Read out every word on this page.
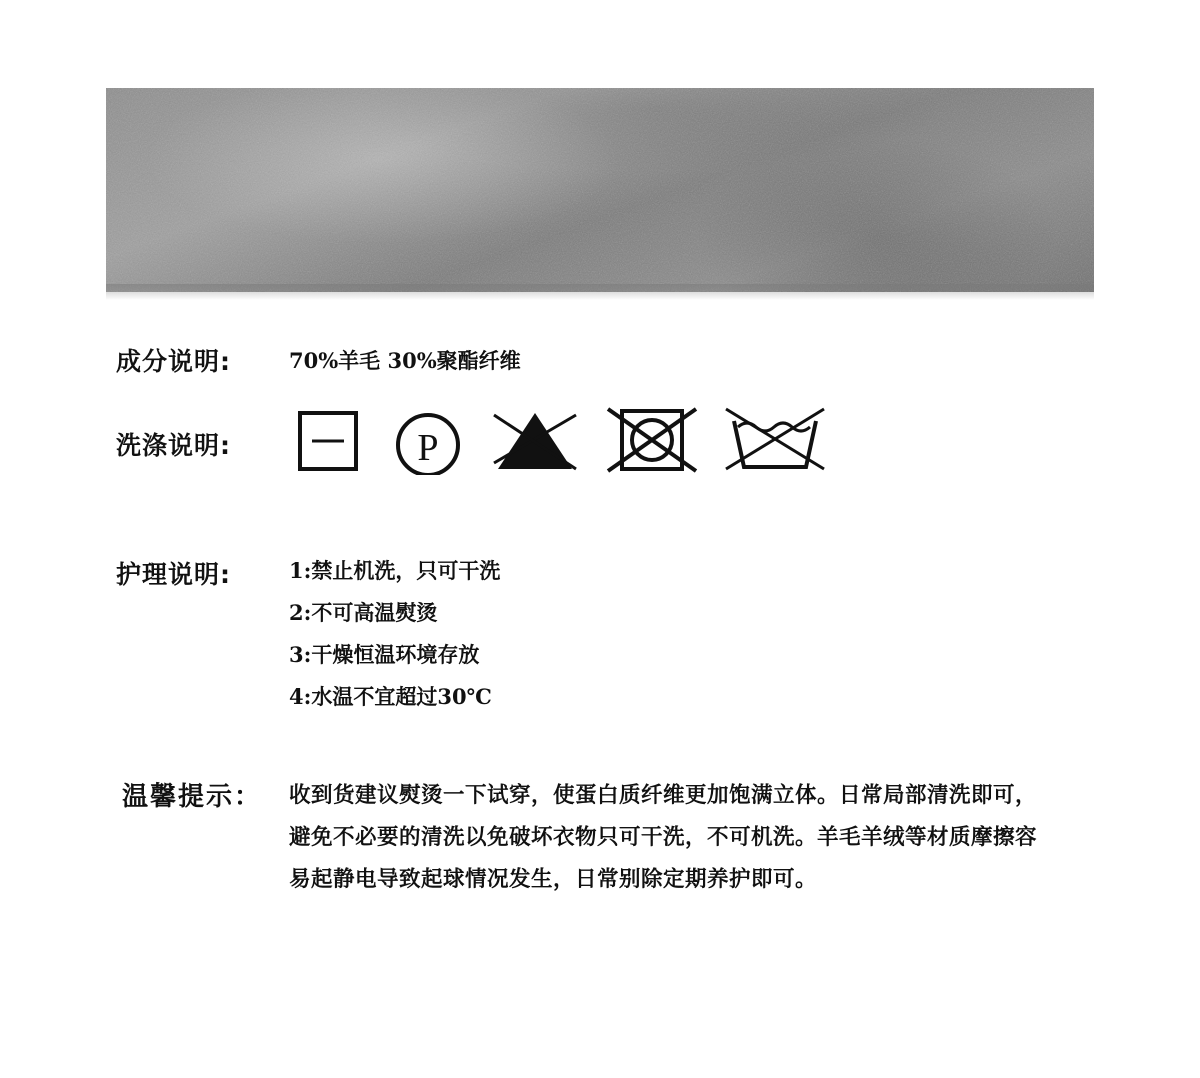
成分说明:	70%羊毛 30%聚酯纤维
洗涤说明:	P
护理说明:	1:禁止机洗，只可干洗
2:不可高温熨烫
3:干燥恒温环境存放
4:水温不宜超过30℃
温馨提示： 收到货建议熨烫一下试穿，使蛋白质纤维更加饱满立体。日常局部清洗即可，避免不必要的清洗以免破坏衣物只可干洗，不可机洗。羊毛羊绒等材质摩擦容易起静电导致起球情况发生，日常别除定期养护即可。
